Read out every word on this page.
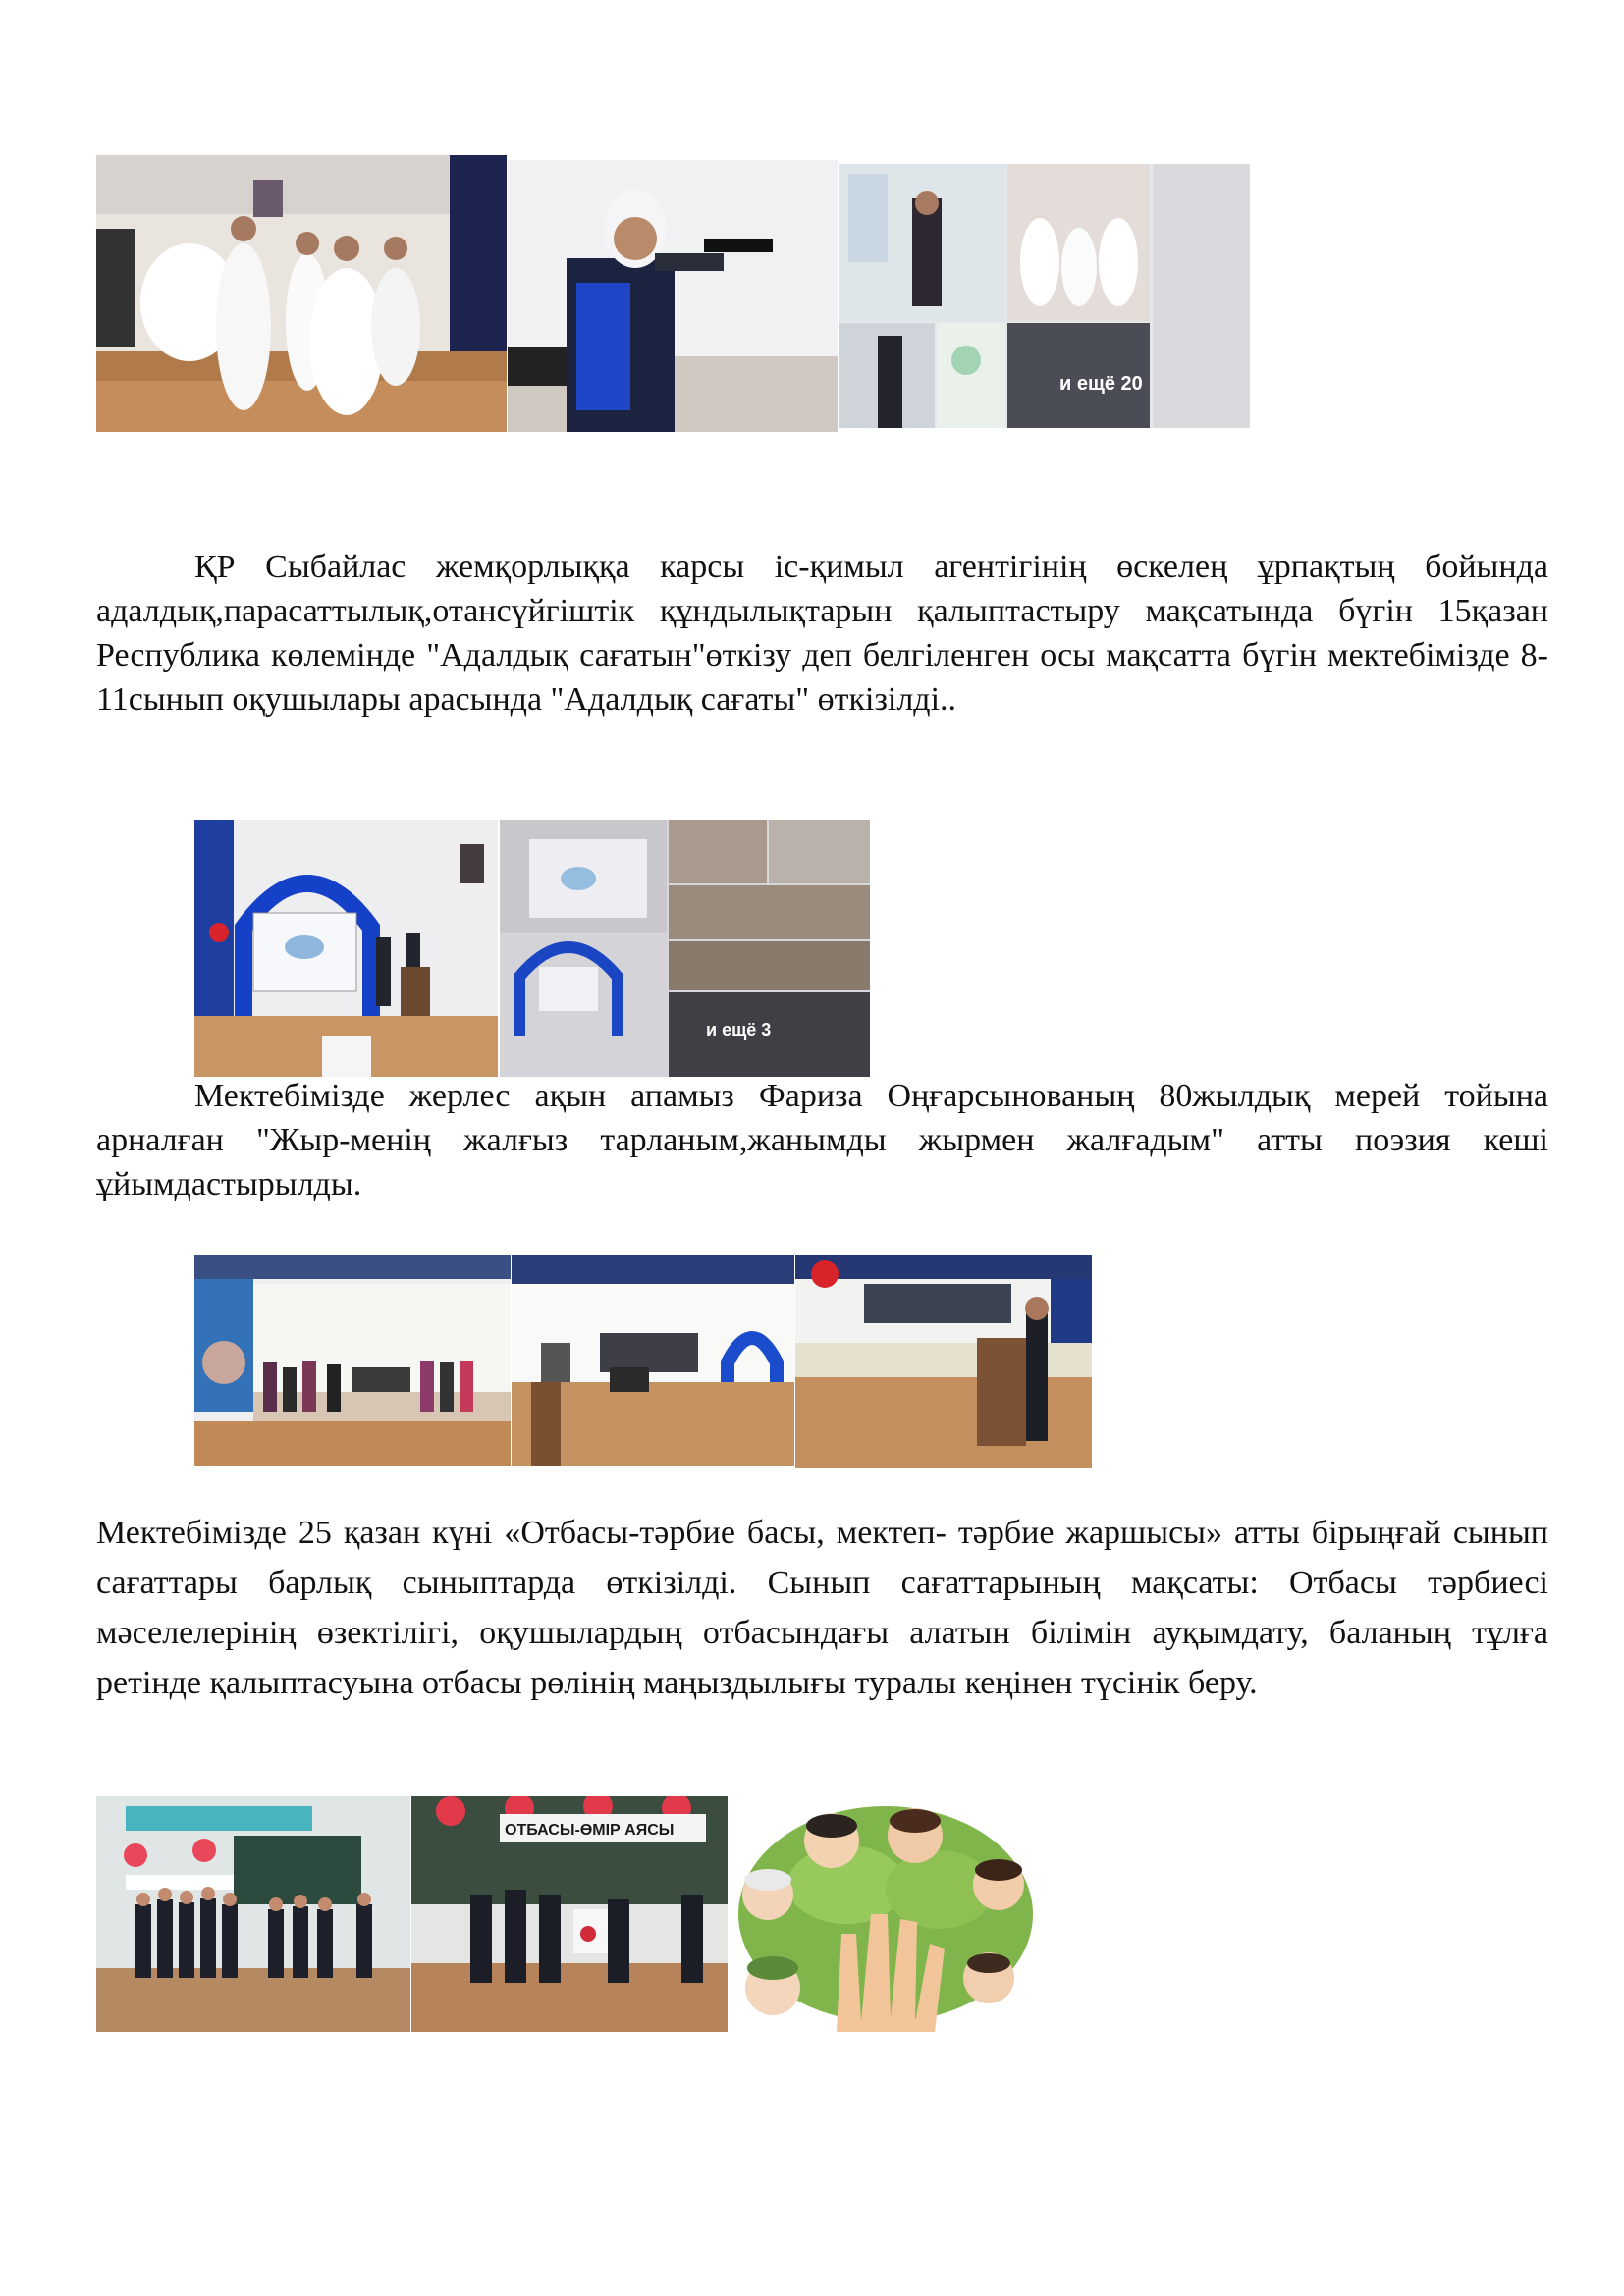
и ещё 20
ҚР Сыбайлас жемқорлыққа карсы іс-қимыл агентігінің өскелең ұрпақтың бойында адалдық,парасаттылық,отансүйгіштік құндылықтарын қалыптастыру мақсатында бүгін 15қазан Республика көлемінде "Адалдық сағатын"өткізу деп белгіленген осы мақсатта бүгін мектебімізде 8-11сынып оқушылары арасында "Адалдық сағаты" өткізілді..
и ещё 3
Мектебімізде жерлес ақын апамыз Фариза Оңғарсынованың 80жылдық мерей тойына арналған "Жыр-менің жалғыз тарланым,жанымды жырмен жалғадым" атты поэзия кеші ұйымдастырылды.
Мектебімізде 25 қазан күні «Отбасы-тәрбие басы, мектеп- тәрбие жаршысы» атты бірыңғай сынып сағаттары барлық сыныптарда өткізілді. Сынып сағаттарының мақсаты: Отбасы тәрбиесі мәселелерінің өзектілігі, оқушылардың отбасындағы алатын білімін ауқымдату, баланың тұлға ретінде қалыптасуына отбасы рөлінің маңыздылығы туралы кеңінен түсінік беру.
ОТБАСЫ-ӨМІР АЯСЫ
